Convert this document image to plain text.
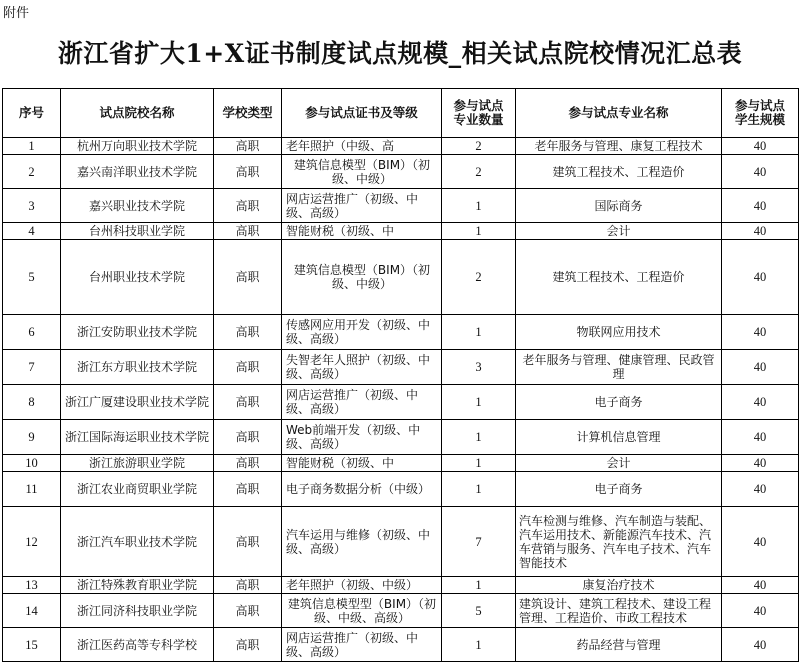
附件
浙江省扩大1+X证书制度试点规模_相关试点院校情况汇总表
序号	试点院校名称	学校类型	参与试点证书及等级	参与试点专业数量	参与试点专业名称	参与试点学生规模
1	杭州万向职业技术学院	高职	老年照护（中级、高	2	老年服务与管理、康复工程技术	40
2	嘉兴南洋职业技术学院	高职	建筑信息模型（BIM）（初级、中级）	2	建筑工程技术、工程造价	40
3	嘉兴职业技术学院	高职	网店运营推广（初级、中级、高级）	1	国际商务	40
4	台州科技职业学院	高职	智能财税（初级、中	1	会计	40
5	台州职业技术学院	高职	建筑信息模型（BIM）（初级、中级）	2	建筑工程技术、工程造价	40
6	浙江安防职业技术学院	高职	传感网应用开发（初级、中级、高级）	1	物联网应用技术	40
7	浙江东方职业技术学院	高职	失智老年人照护（初级、中级、高级）	3	老年服务与管理、健康管理、民政管理	40
8	浙江广厦建设职业技术学院	高职	网店运营推广（初级、中级、高级）	1	电子商务	40
9	浙江国际海运职业技术学院	高职	Web前端开发（初级、中级、高级）	1	计算机信息管理	40
10	浙江旅游职业学院	高职	智能财税（初级、中	1	会计	40
11	浙江农业商贸职业学院	高职	电子商务数据分析（中级）	1	电子商务	40
12	浙江汽车职业技术学院	高职	汽车运用与维修（初级、中级、高级）	7	汽车检测与维修、汽车制造与装配、汽车运用技术、新能源汽车技术、汽车营销与服务、汽车电子技术、汽车智能技术	40
13	浙江特殊教育职业学院	高职	老年照护（初级、中级）	1	康复治疗技术	40
14	浙江同济科技职业学院	高职	建筑信息模型型（BIM）（初级、中级、高级）	5	建筑设计、建筑工程技术、建设工程管理、工程造价、市政工程技术	40
15	浙江医药高等专科学校	高职	网店运营推广（初级、中级、高级）	1	药品经营与管理	40
